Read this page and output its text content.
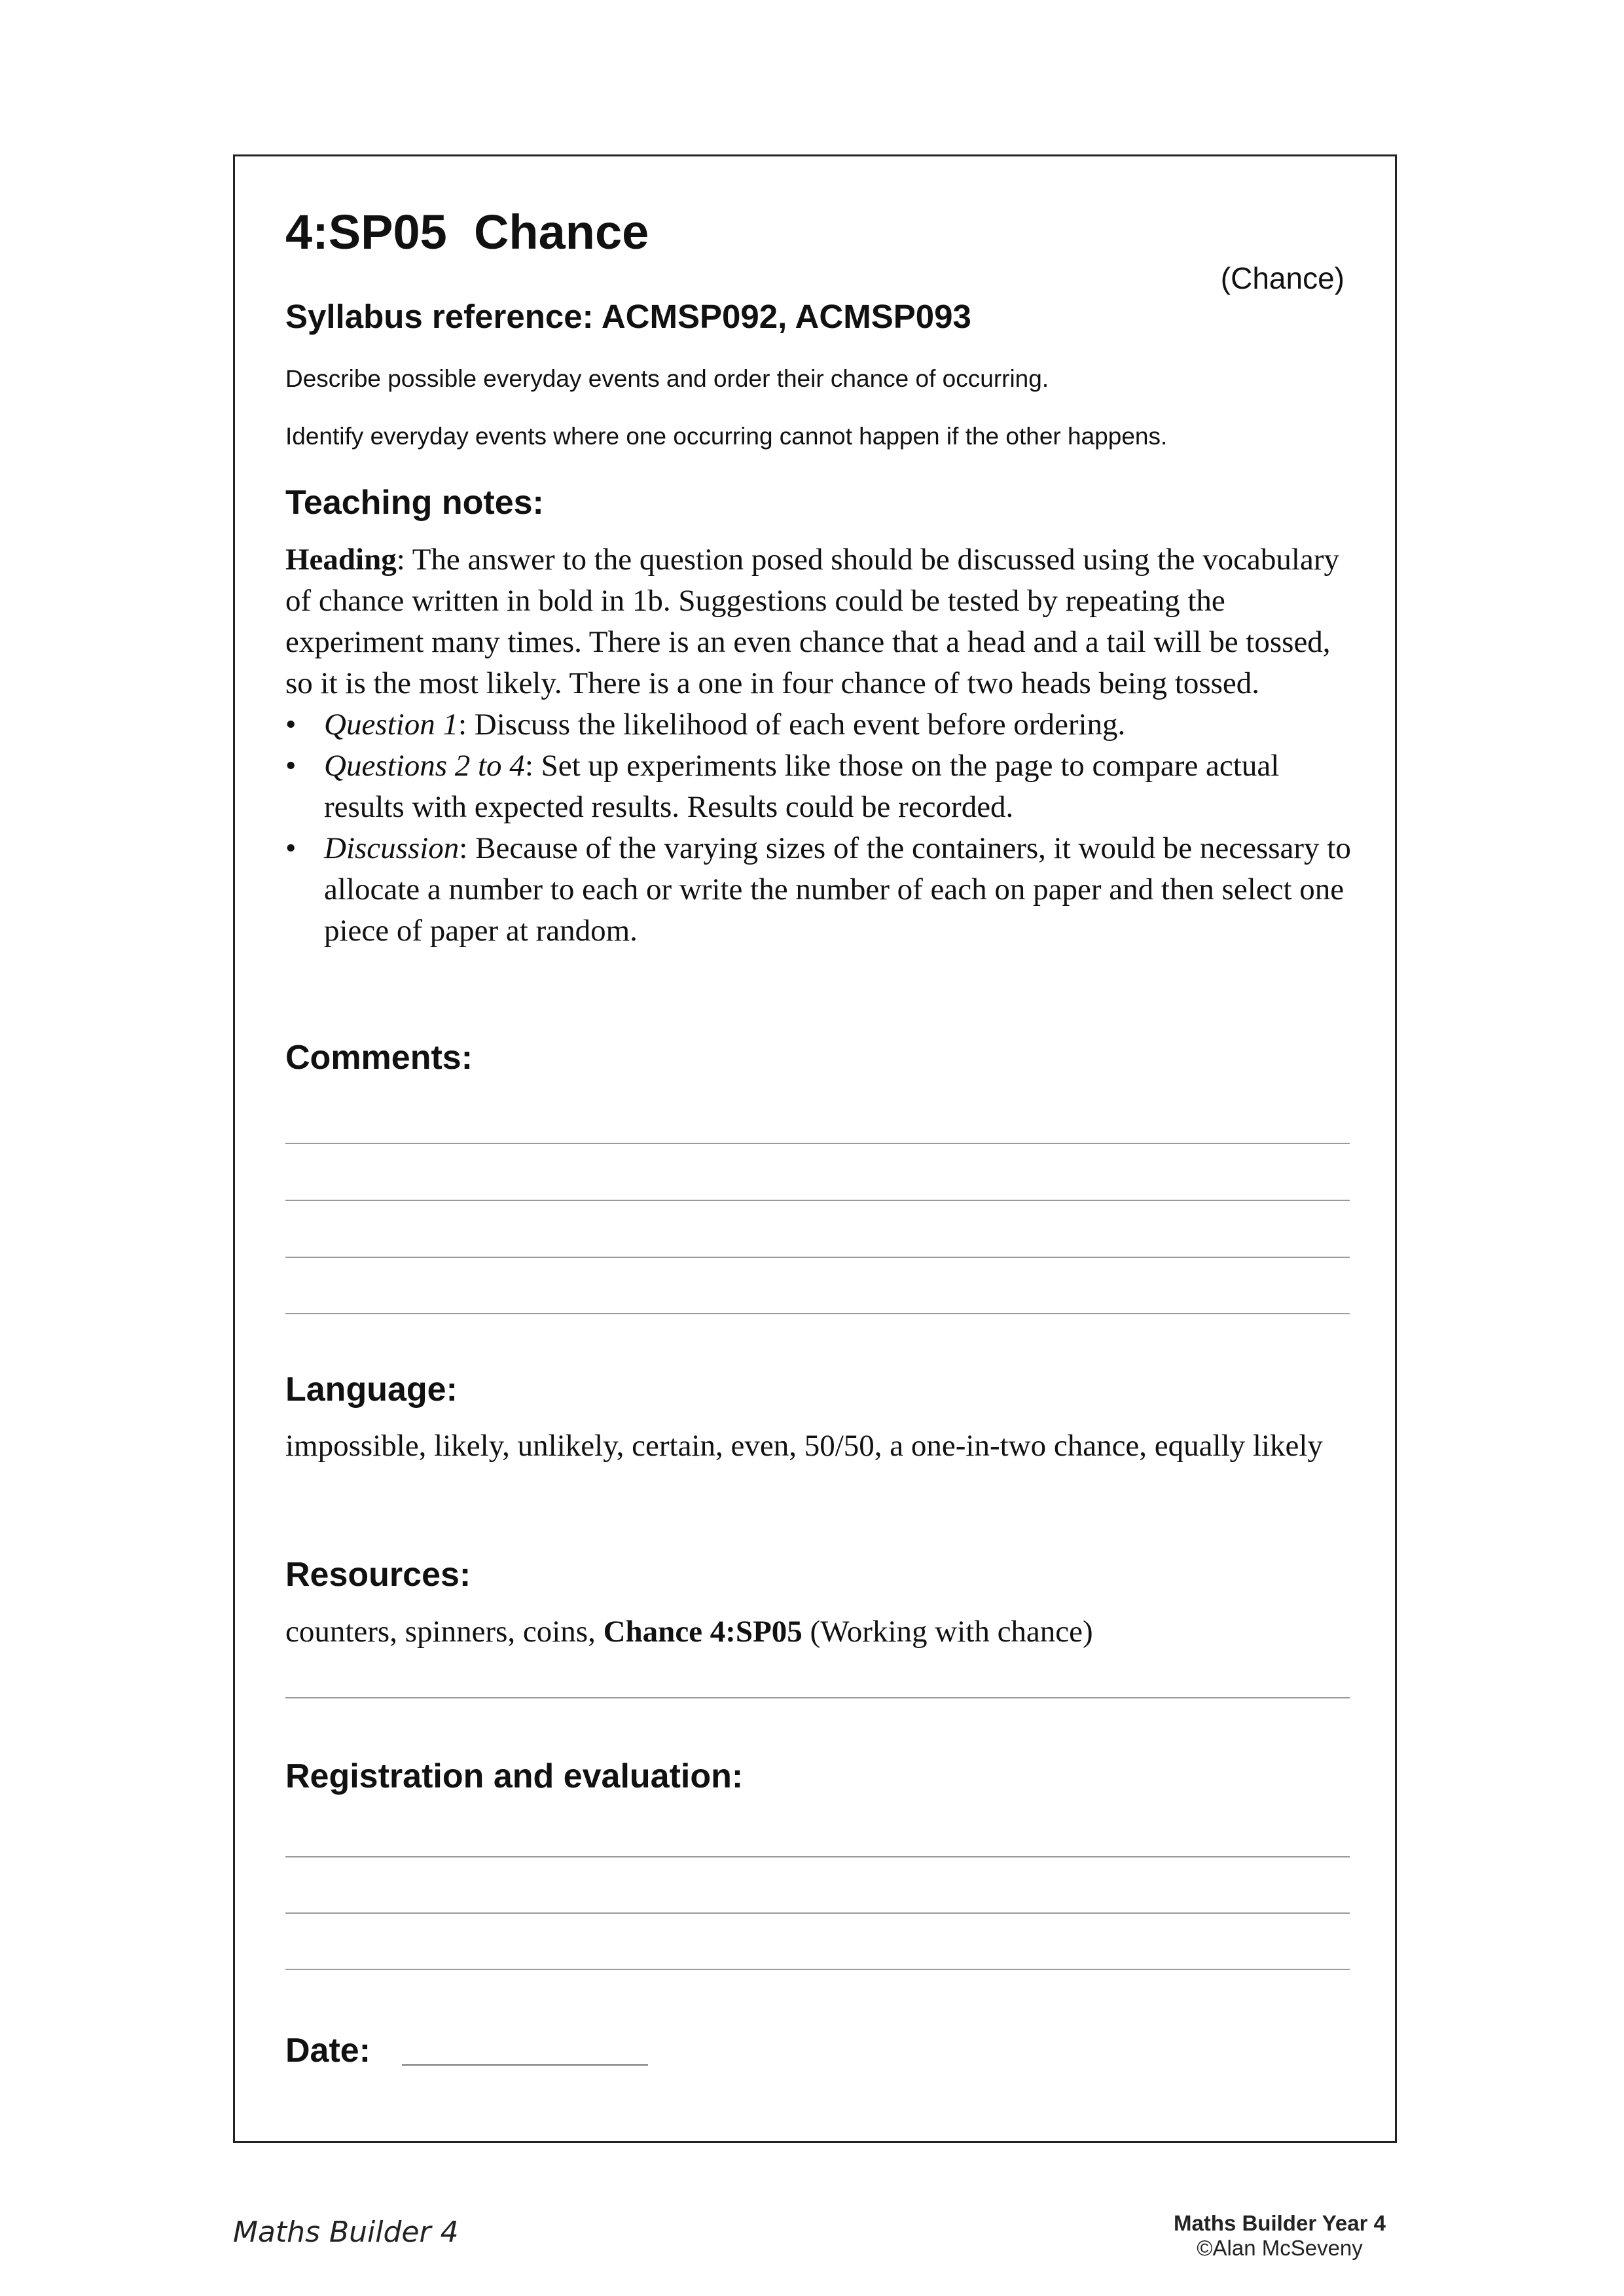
4:SP05  Chance
(Chance)
Syllabus reference: ACMSP092, ACMSP093
Describe possible everyday events and order their chance of occurring.
Identify everyday events where one occurring cannot happen if the other happens.
Teaching notes:
Heading: The answer to the question posed should be discussed using the vocabulary of chance written in bold in 1b. Suggestions could be tested by repeating the experiment many times. There is an even chance that a head and a tail will be tossed, so it is the most likely. There is a one in four chance of two heads being tossed.
• Question 1: Discuss the likelihood of each event before ordering.
• Questions 2 to 4: Set up experiments like those on the page to compare actual results with expected results. Results could be recorded.
• Discussion: Because of the varying sizes of the containers, it would be necessary to allocate a number to each or write the number of each on paper and then select one piece of paper at random.
Comments:
Language:
impossible, likely, unlikely, certain, even, 50/50, a one-in-two chance, equally likely
Resources:
counters, spinners, coins, Chance 4:SP05 (Working with chance)
Registration and evaluation:
Date:
Maths Builder 4	Maths Builder Year 4
©Alan McSeveny
